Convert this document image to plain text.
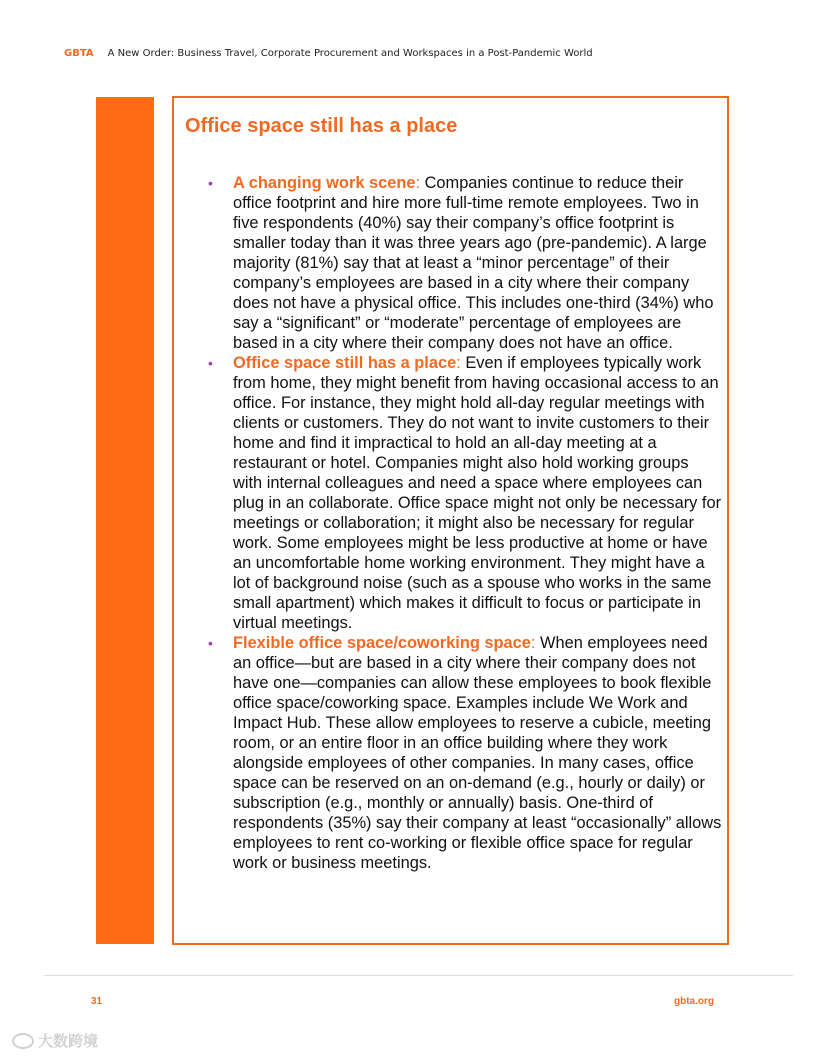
GBTA A New Order: Business Travel, Corporate Procurement and Workspaces in a Post-Pandemic World
Office space still has a place
• A changing work scene: Companies continue to reduce their office footprint and hire more full-time remote employees. Two in five respondents (40%) say their company’s office footprint is smaller today than it was three years ago (pre-pandemic). A large majority (81%) say that at least a “minor percentage” of their company’s employees are based in a city where their company does not have a physical office. This includes one-third (34%) who say a “significant” or “moderate” percentage of employees are based in a city where their company does not have an office.
• Office space still has a place: Even if employees typically work from home, they might benefit from having occasional access to an office. For instance, they might hold all-day regular meetings with clients or customers. They do not want to invite customers to their home and find it impractical to hold an all-day meeting at a restaurant or hotel. Companies might also hold working groups with internal colleagues and need a space where employees can plug in an collaborate. Office space might not only be necessary for meetings or collaboration; it might also be necessary for regular work. Some employees might be less productive at home or have an uncomfortable home working environment. They might have a lot of background noise (such as a spouse who works in the same small apartment) which makes it difficult to focus or participate in virtual meetings.
• Flexible office space/coworking space: When employees need an office—but are based in a city where their company does not have one—companies can allow these employees to book flexible office space/coworking space. Examples include We Work and Impact Hub. These allow employees to reserve a cubicle, meeting room, or an entire floor in an office building where they work alongside employees of other companies. In many cases, office space can be reserved on an on-demand (e.g., hourly or daily) or subscription (e.g., monthly or annually) basis. One-third of respondents (35%) say their company at least “occasionally” allows employees to rent co-working or flexible office space for regular work or business meetings.
31	gbta.org
大数跨境
